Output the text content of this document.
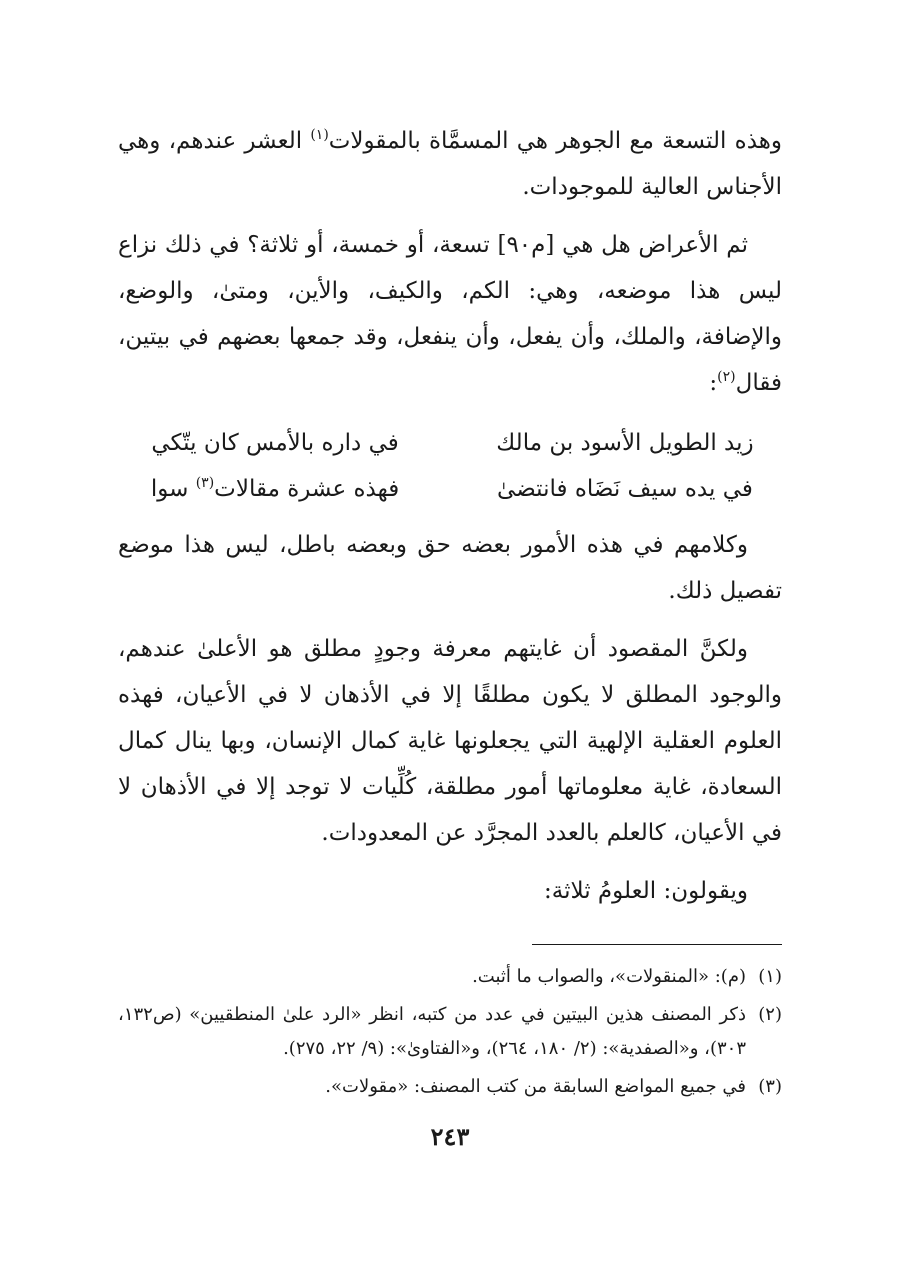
وهذه التسعة مع الجوهر هي المسمَّاة بالمقولات$^{(١)}$ العشر عندهم، وهي الأجناس العالية للموجودات.

ثم الأعراض هل هي [م٩٠] تسعة، أو خمسة، أو ثلاثة؟ في ذلك نزاع ليس هذا موضعه، وهي: الكم، والكيف، والأين، ومتىٰ، والوضع، والإضافة، والملك، وأن يفعل، وأن ينفعل، وقد جمعها بعضهم في بيتين، فقال$^{(٢)}$:

زيد الطويل الأسود بن مالك
في داره بالأمس كان يتّكي
في يده سيف نَضَاه فانتضىٰ
فهذه عشرة مقالات$^{(٣)}$ سوا

وكلامهم في هذه الأمور بعضه حق وبعضه باطل، ليس هذا موضع تفصيل ذلك.

ولكنَّ المقصود أن غايتهم معرفة وجودٍ مطلق هو الأعلىٰ عندهم، والوجود المطلق لا يكون مطلقًا إلا في الأذهان لا في الأعيان، فهذه العلوم العقلية الإلهية التي يجعلونها غاية كمال الإنسان، وبها ينال كمال السعادة، غاية معلوماتها أمور مطلقة، كُلِّيات لا توجد إلا في الأذهان لا في الأعيان، كالعلم بالعدد المجرَّد عن المعدودات.

ويقولون: العلومُ ثلاثة:

(١)
(م): «المنقولات»، والصواب ما أثبت.
(٢)
ذكر المصنف هذين البيتين في عدد من كتبه، انظر «الرد علىٰ المنطقيين» (ص١٣٢، ٣٠٣)، و«الصفدية»: (٢/ ١٨٠، ٢٦٤)، و«الفتاوىٰ»: (٩/ ٢٢، ٢٧٥).
(٣)
في جميع المواضع السابقة من كتب المصنف: «مقولات».
٢٤٣
